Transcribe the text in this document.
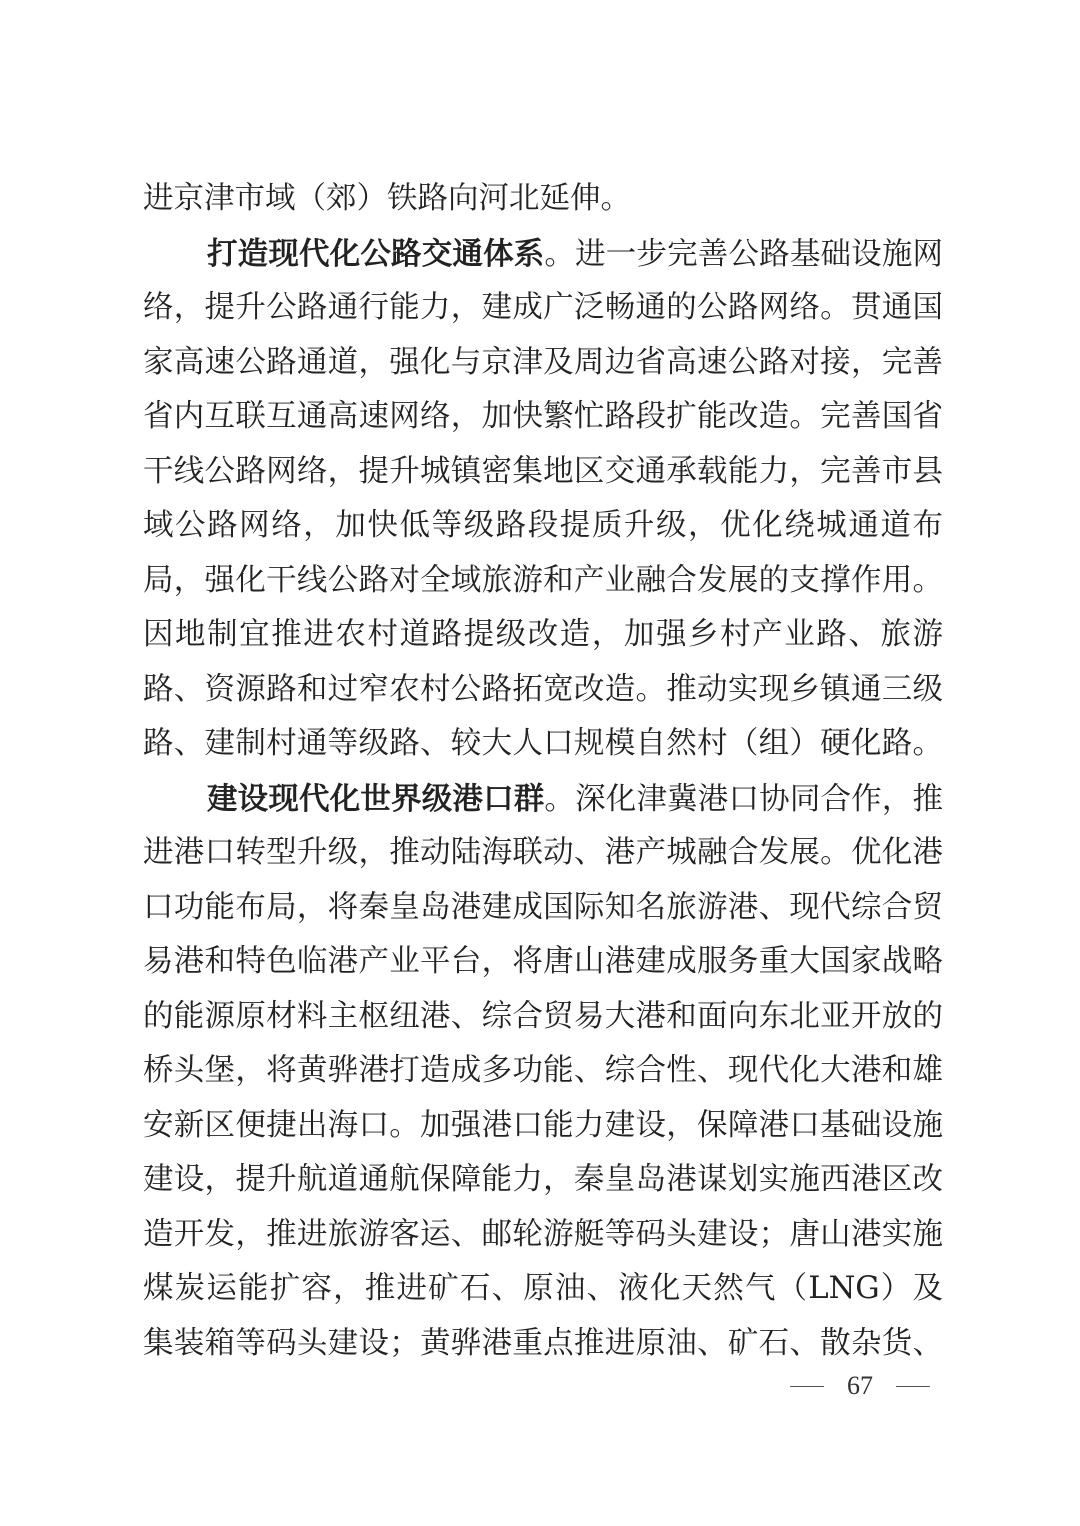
进京津市域（郊）铁路向河北延伸。
打造现代化公路交通体系。进一步完善公路基础设施网
络，提升公路通行能力，建成广泛畅通的公路网络。贯通国
家高速公路通道，强化与京津及周边省高速公路对接，完善
省内互联互通高速网络，加快繁忙路段扩能改造。完善国省
干线公路网络，提升城镇密集地区交通承载能力，完善市县
域公路网络，加快低等级路段提质升级，优化绕城通道布
局，强化干线公路对全域旅游和产业融合发展的支撑作用。
因地制宜推进农村道路提级改造，加强乡村产业路、旅游
路、资源路和过窄农村公路拓宽改造。推动实现乡镇通三级
路、建制村通等级路、较大人口规模自然村（组）硬化路。
建设现代化世界级港口群。深化津冀港口协同合作，推
进港口转型升级，推动陆海联动、港产城融合发展。优化港
口功能布局，将秦皇岛港建成国际知名旅游港、现代综合贸
易港和特色临港产业平台，将唐山港建成服务重大国家战略
的能源原材料主枢纽港、综合贸易大港和面向东北亚开放的
桥头堡，将黄骅港打造成多功能、综合性、现代化大港和雄
安新区便捷出海口。加强港口能力建设，保障港口基础设施
建设，提升航道通航保障能力，秦皇岛港谋划实施西港区改
造开发，推进旅游客运、邮轮游艇等码头建设；唐山港实施
煤炭运能扩容，推进矿石、原油、液化天然气（LNG）及
集装箱等码头建设；黄骅港重点推进原油、矿石、散杂货、
67
